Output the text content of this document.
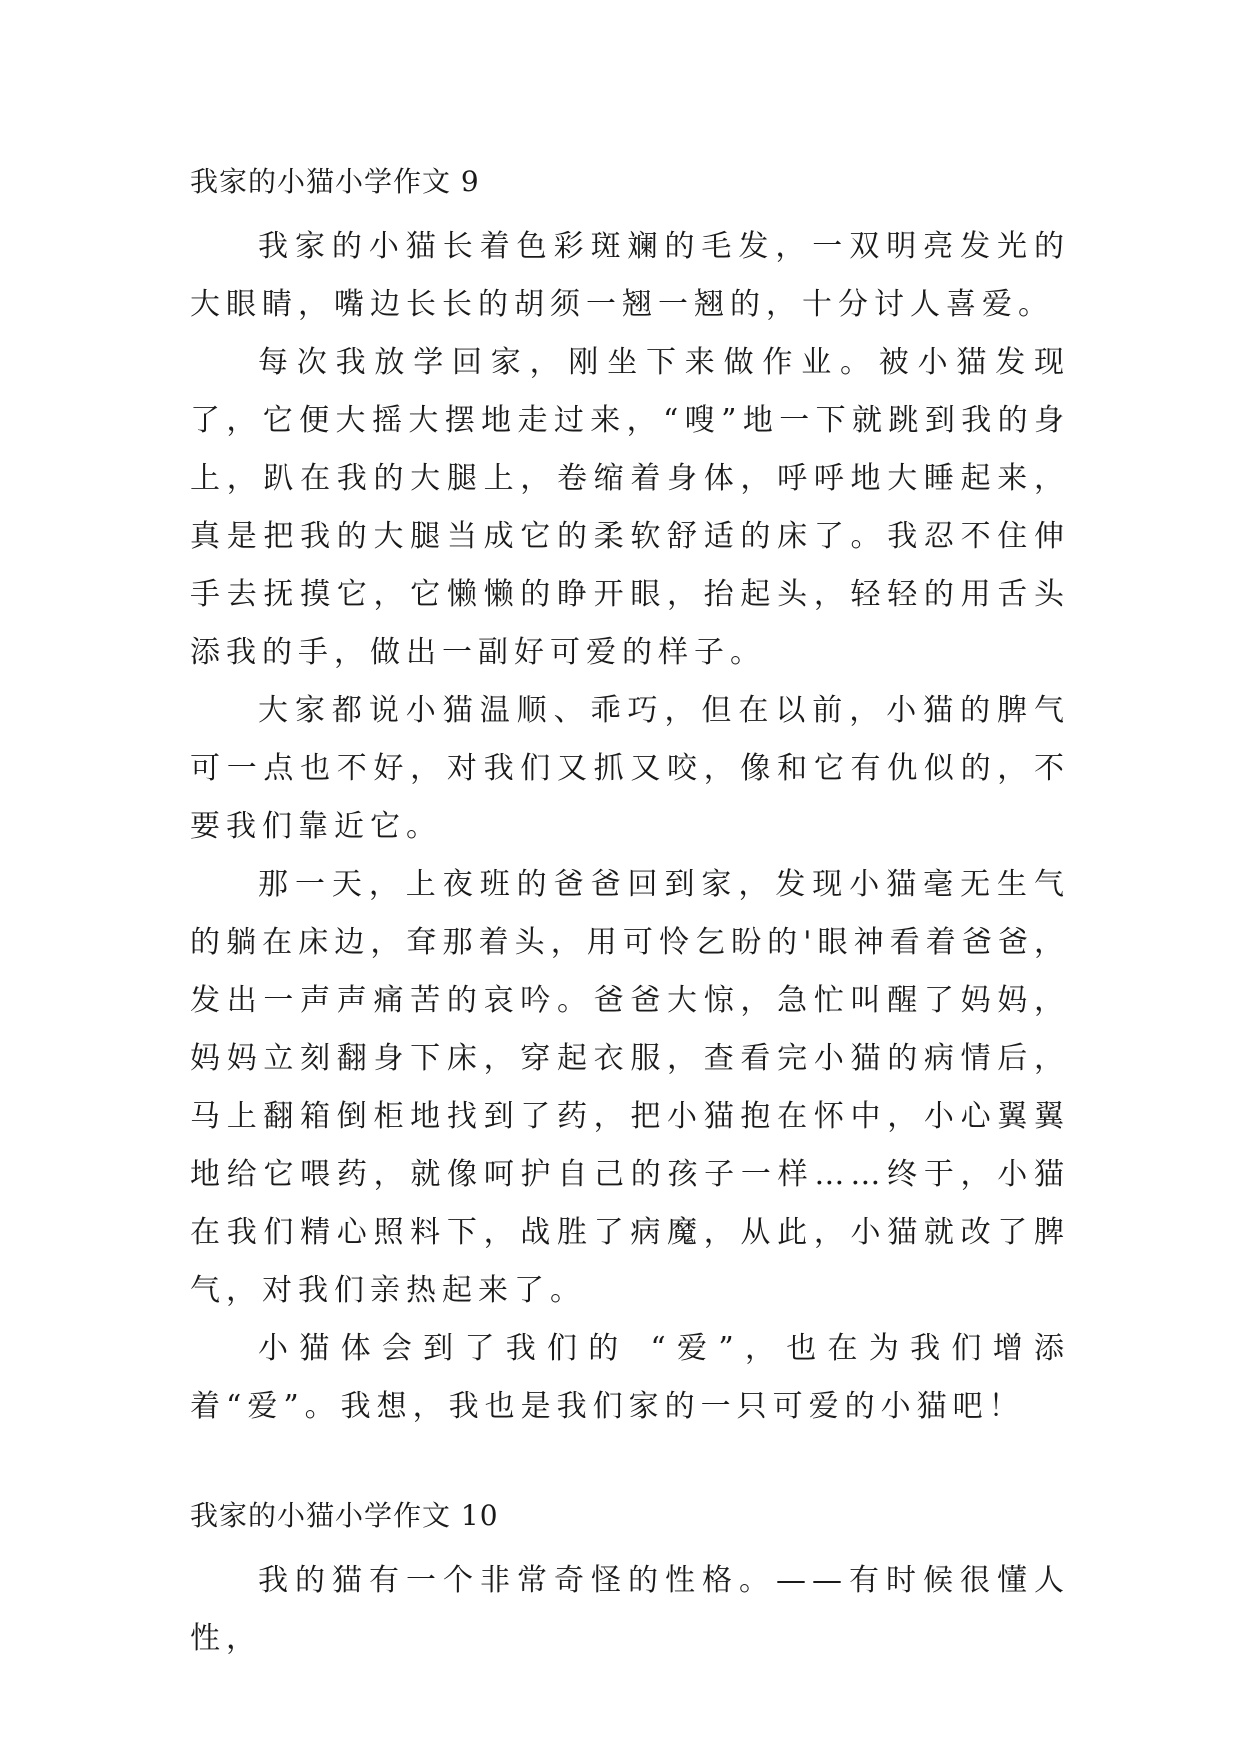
我家的小猫小学作文 9

我家的小猫长着色彩斑斓的毛发，一双明亮发光的大眼睛，嘴边长长的胡须一翘一翘的，十分讨人喜爱。

每次我放学回家，刚坐下来做作业。被小猫发现了，它便大摇大摆地走过来，“嗖”地一下就跳到我的身上，趴在我的大腿上，卷缩着身体，呼呼地大睡起来，真是把我的大腿当成它的柔软舒适的床了。我忍不住伸手去抚摸它，它懒懒的睁开眼，抬起头，轻轻的用舌头添我的手，做出一副好可爱的样子。

大家都说小猫温顺、乖巧，但在以前，小猫的脾气可一点也不好，对我们又抓又咬，像和它有仇似的，不要我们靠近它。

那一天，上夜班的爸爸回到家，发现小猫毫无生气的躺在床边，耷那着头，用可怜乞盼的'眼神看着爸爸，发出一声声痛苦的哀吟。爸爸大惊，急忙叫醒了妈妈，妈妈立刻翻身下床，穿起衣服，查看完小猫的病情后，马上翻箱倒柜地找到了药，把小猫抱在怀中，小心翼翼地给它喂药，就像呵护自己的孩子一样……终于，小猫在我们精心照料下，战胜了病魔，从此，小猫就改了脾气，对我们亲热起来了。

小猫体会到了我们的 “爱”，也在为我们增添着“爱”。我想，我也是我们家的一只可爱的小猫吧！

我家的小猫小学作文 10

我的猫有一个非常奇怪的性格。——有时候很懂人性，
